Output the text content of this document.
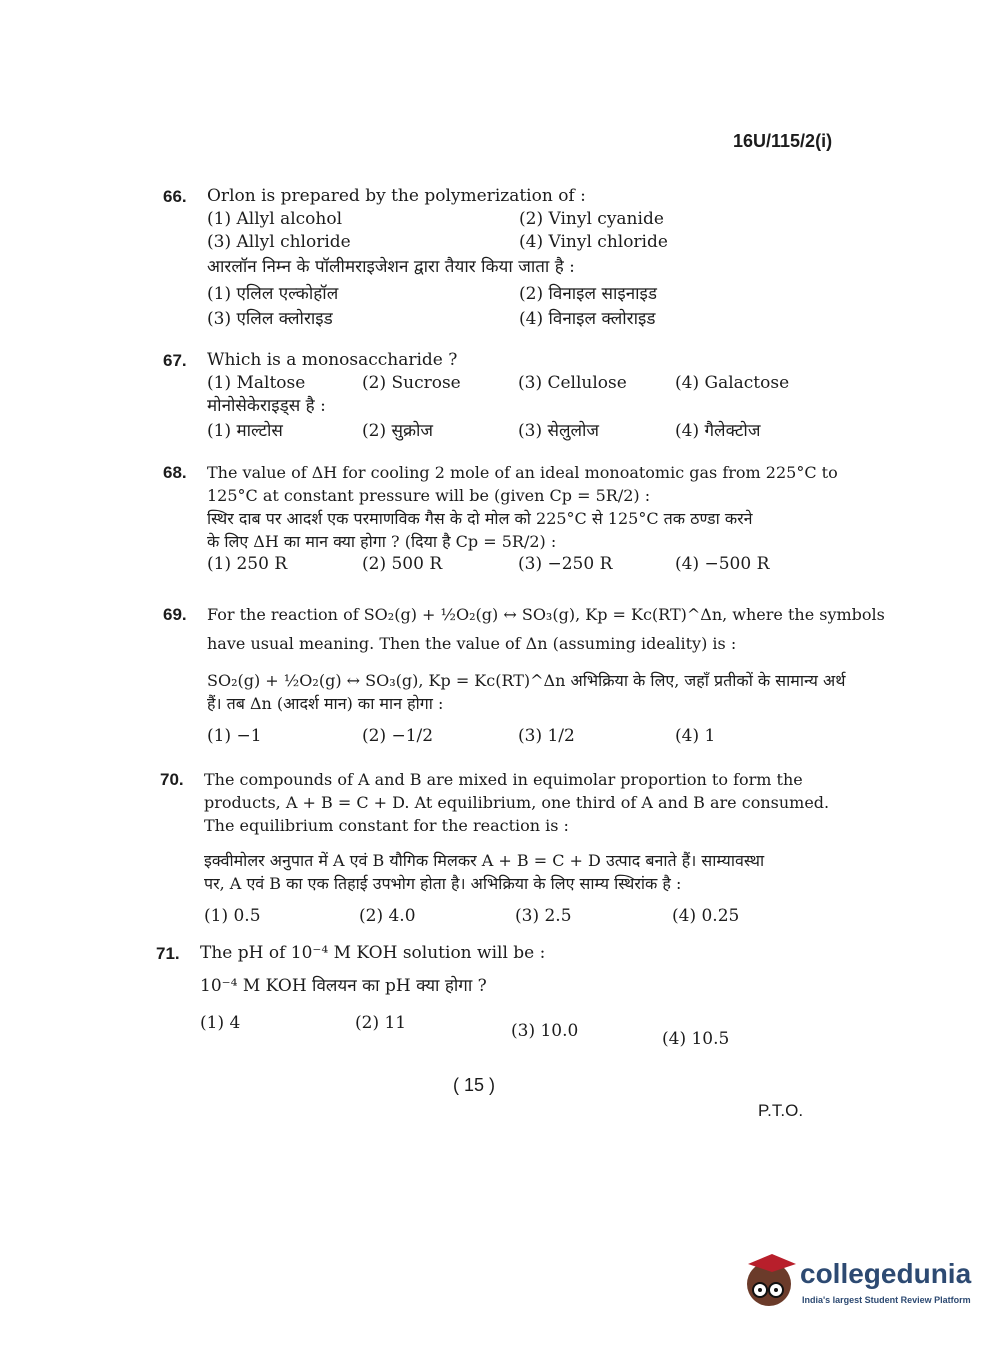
16U/115/2(i)
66. Orlon is prepared by the polymerization of :
(1) Allyl alcohol	(2) Vinyl cyanide
(3) Allyl chloride	(4) Vinyl chloride
आरलॉन निम्न के पॉलीमराइजेशन द्वारा तैयार किया जाता है :
(1) एलिल एल्कोहॉल	(2) विनाइल साइनाइड
(3) एलिल क्लोराइड	(4) विनाइल क्लोराइड
67. Which is a monosaccharide ?
(1) Maltose	(2) Sucrose	(3) Cellulose	(4) Galactose
मोनोसेकेराइड्स है :
(1) माल्टोस	(2) सुक्रोज	(3) सेलुलोज	(4) गैलेक्टोज
68. The value of ΔH for cooling 2 mole of an ideal monoatomic gas from 225°C to
125°C at constant pressure will be (given Cp = 5R/2) :
स्थिर दाब पर आदर्श एक परमाणविक गैस के दो मोल को 225°C से 125°C तक ठण्डा करने
के लिए ΔH का मान क्या होगा ? (दिया है Cp = 5R/2) :
(1) 250 R	(2) 500 R	(3) −250 R	(4) −500 R
69. For the reaction of SO₂(g) + ½O₂(g) ↔ SO₃(g), Kp = Kc(RT)^Δn, where the symbols
have usual meaning. Then the value of Δn (assuming ideality) is :
SO₂(g) + ½O₂(g) ↔ SO₃(g), Kp = Kc(RT)^Δn अभिक्रिया के लिए, जहाँ प्रतीकों के सामान्य अर्थ
हैं। तब Δn (आदर्श मान) का मान होगा :
(1) −1	(2) −1/2	(3) 1/2	(4) 1
70. The compounds of A and B are mixed in equimolar proportion to form the
products, A + B = C + D. At equilibrium, one third of A and B are consumed.
The equilibrium constant for the reaction is :
इक्वीमोलर अनुपात में A एवं B यौगिक मिलकर A + B = C + D उत्पाद बनाते हैं। साम्यावस्था
पर, A एवं B का एक तिहाई उपभोग होता है। अभिक्रिया के लिए साम्य स्थिरांक है :
(1) 0.5	(2) 4.0	(3) 2.5	(4) 0.25
71. The pH of 10⁻⁴ M KOH solution will be :
10⁻⁴ M KOH विलयन का pH क्या होगा ?
(1) 4	(2) 11	(3) 10.0	(4) 10.5
( 15 )
P.T.O.
collegedunia
India's largest Student Review Platform
